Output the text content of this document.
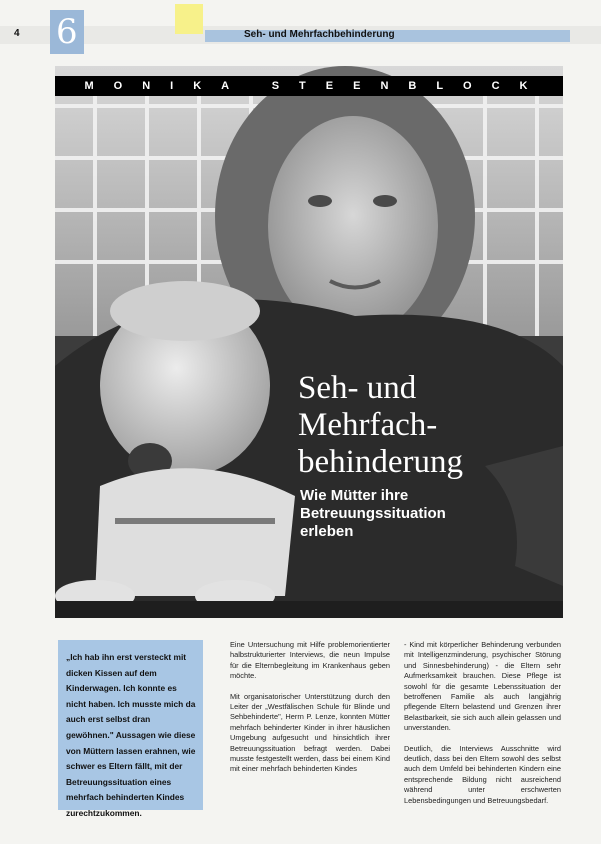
6
4	Seh- und Mehrfachbehinderung
MONIKA STEENBLOCK
Seh- und
Mehrfach-
behinderung
Wie Mütter ihre Betreuungssituation erleben
„Ich hab ihn erst versteckt mit dicken Kissen auf dem Kinderwagen. Ich konnte es nicht haben. Ich musste mich da auch erst selbst dran gewöhnen." Aussagen wie diese von Müttern lassen erahnen, wie schwer es Eltern fällt, mit der Betreuungssituation eines mehrfach behinderten Kindes zurechtzukommen.

Eine Untersuchung mit Hilfe problemorientierter halbstrukturierter Interviews, die neun Impulse für die Elternbegleitung im Krankenhaus geben möchte.

Mit organisatorischer Unterstützung durch den Leiter der „Westfälischen Schule für Blinde und Sehbehinderte", Herrn P. Lenze, konnten Mütter mehrfach behinderter Kinder in ihrer häuslichen Umgebung aufgesucht und hinsichtlich ihrer Betreuungssituation befragt werden. Dabei musste festgestellt werden, dass bei einem Kind mit einer mehrfach behinderten Kindes

- Kind mit körperlicher Behinderung verbunden mit Intelligenzminderung, psychischer Störung und Sinnesbehinderung) - die Eltern sehr Aufmerksamkeit brauchen. Diese Pflege ist sowohl für die gesamte Lebenssituation der betroffenen Familie als auch langjährig pflegende Eltern belastend und Grenzen ihrer Belastbarkeit, sie sich auch allein gelassen und unverstanden.

Deutlich, die Interviews Ausschnitte wird deutlich, dass bei den Eltern sowohl des selbst auch dem Umfeld bei behinderten Kindern eine entsprechende Bildung nicht ausreichend während unter erschwerten Lebensbedingungen und Betreuungsbedarf.
